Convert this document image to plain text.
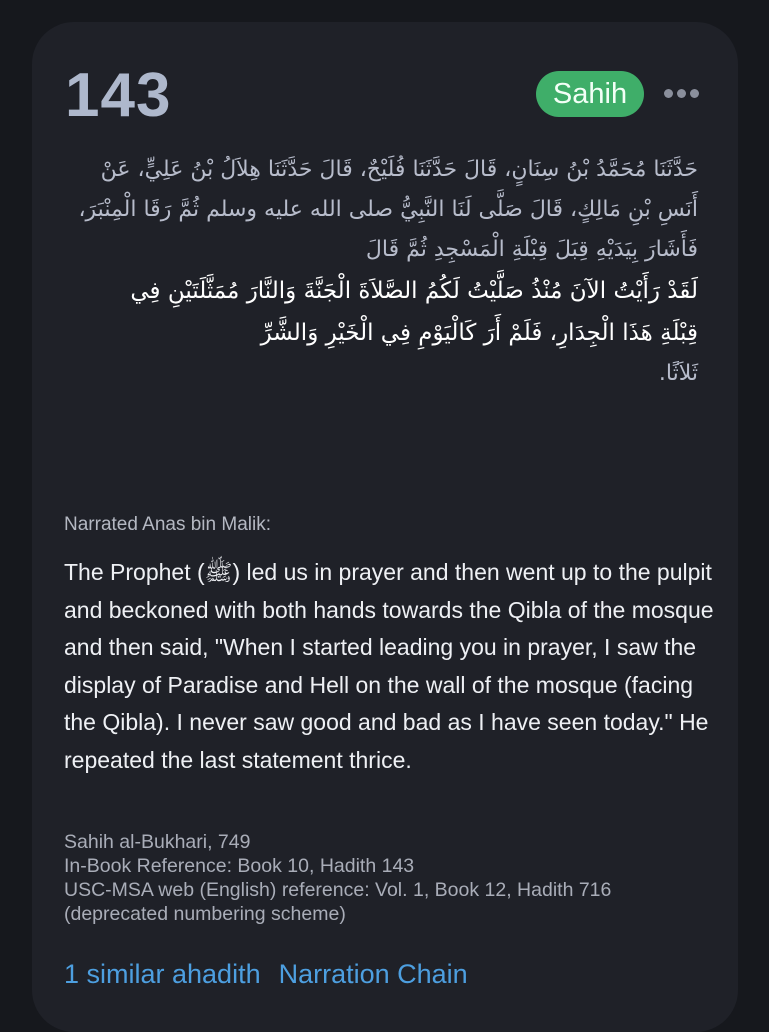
143	Sahih
حَدَّثَنَا مُحَمَّدُ بْنُ سِنَانٍ، قَالَ حَدَّثَنَا فُلَيْحٌ، قَالَ حَدَّثَنَا هِلاَلُ بْنُ عَلِيٍّ، عَنْ
أَنَسِ بْنِ مَالِكٍ، قَالَ صَلَّى لَنَا النَّبِيُّ صلى الله عليه وسلم ثُمَّ رَقَا الْمِنْبَرَ،
فَأَشَارَ بِيَدَيْهِ قِبَلَ قِبْلَةِ الْمَسْجِدِ ثُمَّ قَالَ
لَقَدْ رَأَيْتُ الآنَ مُنْذُ صَلَّيْتُ لَكُمُ الصَّلاَةَ الْجَنَّةَ وَالنَّارَ مُمَثَّلَتَيْنِ فِي
قِبْلَةِ هَذَا الْجِدَارِ، فَلَمْ أَرَ كَالْيَوْمِ فِي الْخَيْرِ وَالشَّرِّ
ثَلاَثًا.
Narrated Anas bin Malik:
The Prophet (ﷺ) led us in prayer and then went up to the pulpit and beckoned with both hands towards the Qibla of the mosque and then said, "When I started leading you in prayer, I saw the display of Paradise and Hell on the wall of the mosque (facing the Qibla). I never saw good and bad as I have seen today." He repeated the last statement thrice.
Sahih al-Bukhari, 749
In-Book Reference: Book 10, Hadith 143
USC-MSA web (English) reference: Vol. 1, Book 12, Hadith 716
(deprecated numbering scheme)
1 similar ahadith Narration Chain
